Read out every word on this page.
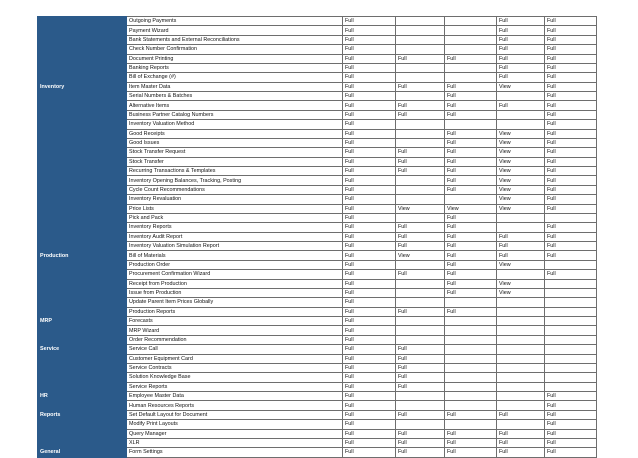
	Outgoing Payments	Full			Full	Full
	Payment Wizard	Full			Full	Full
	Bank Statements and External Reconciliations	Full			Full	Full
	Check Number Confirmation	Full			Full	Full
	Document Printing	Full	Full	Full	Full	Full
	Banking Reports	Full			Full	Full
	Bill of Exchange (#)	Full			Full	Full
Inventory	Item Master Data	Full	Full	Full	View	Full
	Serial Numbers & Batches	Full		Full		Full
	Alternative Items	Full	Full	Full	Full	Full
	Business Partner Catalog Numbers	Full	Full	Full		Full
	Inventory Valuation Method	Full				Full
	Good Receipts	Full		Full	View	Full
	Good Issues	Full		Full	View	Full
	Stock Transfer Request	Full	Full	Full	View	Full
	Stock Transfer	Full	Full	Full	View	Full
	Recurring Transactions & Templates	Full	Full	Full	View	Full
	Inventory Opening Balances, Tracking, Posting	Full		Full	View	Full
	Cycle Count Recommendations	Full		Full	View	Full
	Inventory Revaluation	Full			View	Full
	Price Lists	Full	View	View	View	Full
	Pick and Pack	Full		Full		
	Inventory Reports	Full	Full	Full		Full
	Inventory Audit Report	Full	Full	Full	Full	Full
	Inventory Valuation Simulation Report	Full	Full	Full	Full	Full
Production	Bill of Materials	Full	View	Full	Full	Full
	Production Order	Full		Full	View	
	Procurement Confirmation Wizard	Full	Full	Full		Full
	Receipt from Production	Full		Full	View	
	Issue from Production	Full		Full	View	
	Update Parent Item Prices Globally	Full				
	Production Reports	Full	Full	Full		
MRP	Forecasts	Full				
	MRP Wizard	Full				
	Order Recommendation	Full				
Service	Service Call	Full	Full			
	Customer Equipment Card	Full	Full			
	Service Contracts	Full	Full			
	Solution Knowledge Base	Full	Full			
	Service Reports	Full	Full			
HR	Employee Master Data	Full				Full
	Human Resources Reports	Full				Full
Reports	Set Default Layout for Document	Full	Full	Full	Full	Full
	Modify Print Layouts	Full				Full
	Query Manager	Full	Full	Full	Full	Full
	XLR	Full	Full	Full	Full	Full
General	Form Settings	Full	Full	Full	Full	Full
